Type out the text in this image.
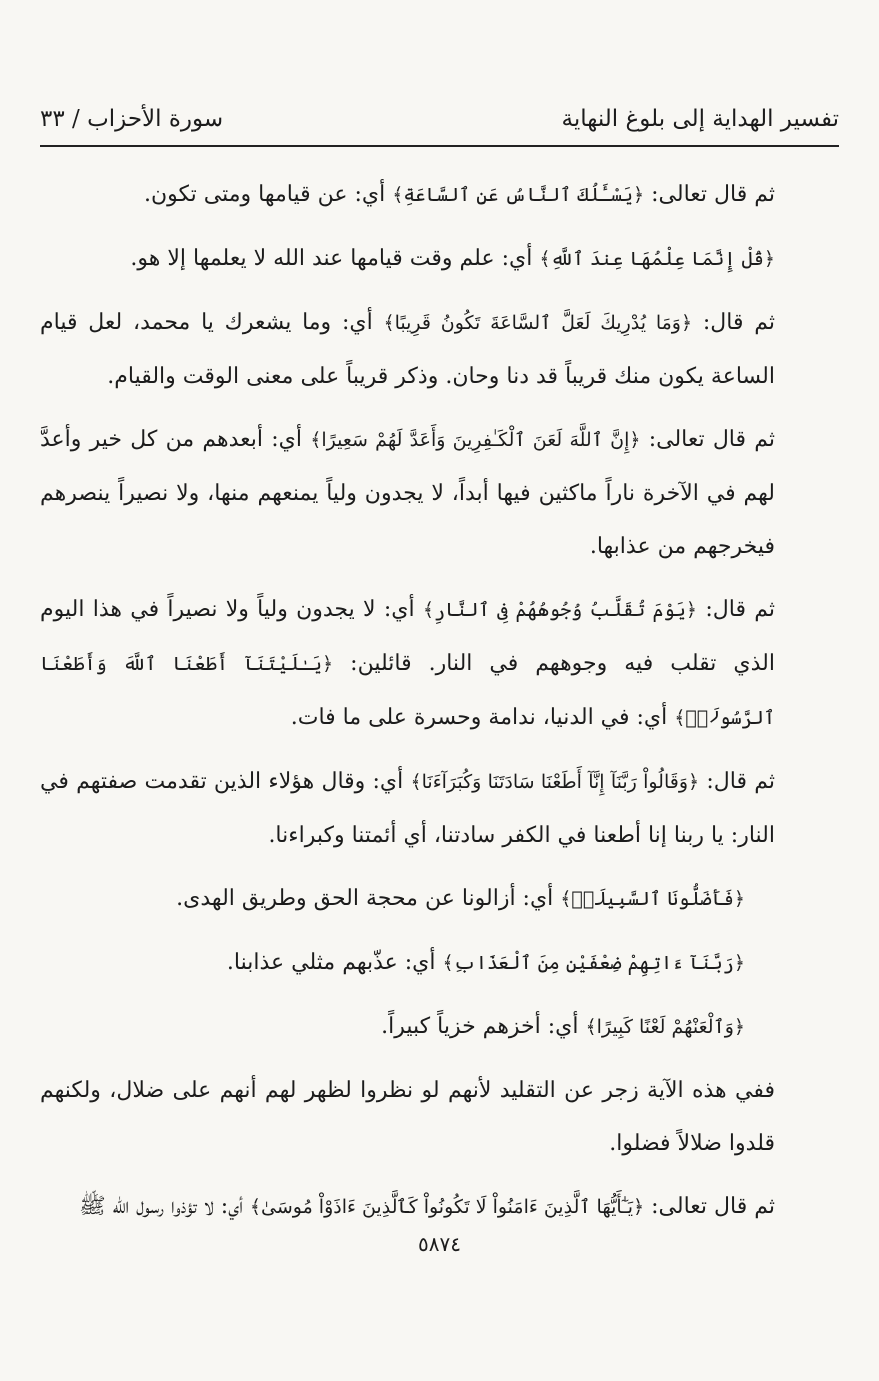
تفسير الهداية إلى بلوغ النهاية
سورة الأحزاب / ٣٣

ثم قال تعالى: ﴿يَسْـَٔلُكَ ٱلنَّاسُ عَنِ ٱلسَّاعَةِ﴾ أي: عن قيامها ومتى تكون.

﴿قُلْ إِنَّمَا عِلْمُهَا عِندَ ٱللَّهِ﴾ أي: علم وقت قيامها عند الله لا يعلمها إلا هو.

ثم قال: ﴿وَمَا يُدْرِيكَ لَعَلَّ ٱلسَّاعَةَ تَكُونُ قَرِيبًا﴾ أي: وما يشعرك يا محمد، لعل قيام الساعة يكون منك قريباً قد دنا وحان. وذكر قريباً على معنى الوقت والقيام.

ثم قال تعالى: ﴿إِنَّ ٱللَّهَ لَعَنَ ٱلْكَـٰفِرِينَ وَأَعَدَّ لَهُمْ سَعِيرًا﴾ أي: أبعدهم من كل خير وأعدَّ لهم في الآخرة ناراً ماكثين فيها أبداً، لا يجدون ولياً يمنعهم منها، ولا نصيراً ينصرهم فيخرجهم من عذابها.

ثم قال: ﴿يَوْمَ تُقَلَّبُ وُجُوهُهُمْ فِى ٱلنَّارِ﴾ أي: لا يجدون ولياً ولا نصيراً في هذا اليوم الذي تقلب فيه وجوههم في النار. قائلين: ﴿يَـٰلَيْتَنَآ أَطَعْنَا ٱللَّهَ وَأَطَعْنَا ٱلرَّسُولَا۠﴾ أي: في الدنيا، ندامة وحسرة على ما فات.

ثم قال: ﴿وَقَالُواْ رَبَّنَآ إِنَّآ أَطَعْنَا سَادَتَنَا وَكُبَرَآءَنَا﴾ أي: وقال هؤلاء الذين تقدمت صفتهم في النار: يا ربنا إنا أطعنا في الكفر سادتنا، أي أئمتنا وكبراءنا.

﴿فَأَضَلُّونَا ٱلسَّبِيلَا۠﴾ أي: أزالونا عن محجة الحق وطريق الهدى.

﴿رَبَّنَآ ءَاتِهِمْ ضِعْفَيْنِ مِنَ ٱلْعَذَابِ﴾ أي: عذّبهم مثلي عذابنا.

﴿وَٱلْعَنْهُمْ لَعْنًا كَبِيرًا﴾ أي: أخزهم خزياً كبيراً.

ففي هذه الآية زجر عن التقليد لأنهم لو نظروا لظهر لهم أنهم على ضلال، ولكنهم قلدوا ضلالاً فضلوا.

ثم قال تعالى: ﴿يَـٰٓأَيُّهَا ٱلَّذِينَ ءَامَنُواْ لَا تَكُونُواْ كَٱلَّذِينَ ءَاذَوْاْ مُوسَىٰ﴾ أي: لا تؤذوا رسول الله ﷺ

٥٨٧٤
